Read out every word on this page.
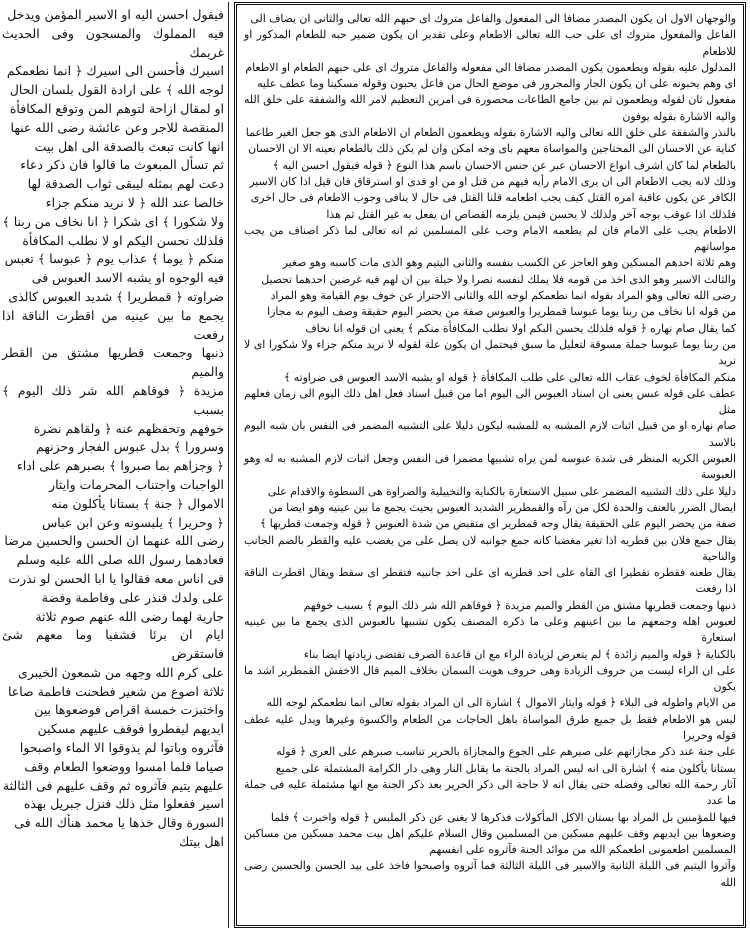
فيقول احسن اليه او الاسير المؤمن ويدخل

فيه المملوك والمسجون وفى الحديث غريمك

اسيرك فأحسن الى اسيرك ﴿ انما نطعمكم

لوجه الله ﴾ على ارادة القول بلسان الحال

او لمقال ازاحة لتوهم المن وتوقع المكافأة

المنقصة للاجر وعن عائشة رضى الله عنها

انها كانت تبعث بالصدقة الى اهل بيت

ثم تسأل المبعوث ما قالوا فان ذكر دعاء

دعت لهم بمثله ليبقى ثواب الصدقة لها

خالصا عند الله ﴿ لا نريد منكم جزاء

ولا شكورا ﴾ اى شكرا ﴿ انا نخاف من ربنا ﴾

فلذلك نحسن اليكم او لا نطلب المكافأة

منكم ﴿ يوما ﴾ عذاب يوم ﴿ عبوسا ﴾ تعبس

فيه الوجوه او يشبه الاسد العبوس فى

ضراوته ﴿ قمطريرا ﴾ شديد العبوس كالذى

يجمع ما بين عينيه من اقطرت الناقة اذا رفعت

ذنبها وجمعت قطريها مشتق من القطر والميم

مزيدة ﴿ فوقاهم الله شر ذلك اليوم ﴾ بسبب

خوفهم وتحفظهم عنه ﴿ ولقاهم نضرة

وسرورا ﴾ بدل عبوس الفجار وحزنهم

﴿ وجزاهم بما صبروا ﴾ بصبرهم على اداء

الواجبات واجتناب المحرمات وايثار

الاموال ﴿ جنة ﴾ بستانا يأكلون منه

﴿ وحريرا ﴾ يلبسونه وعن ابن عباس

رضى الله عنهما ان الحسن والحسين مرضا

فعادهما رسول الله صلى الله عليه وسلم

فى اناس معه فقالوا يا ابا الحسن لو نذرت

على ولدك فنذر على وفاطمة وفضة

جارية لهما رضى الله عنهم صوم ثلاثة

ايام ان برئا فشفيا وما معهم شئ فاستقرض

على كرم الله وجهه من شمعون الخيبرى

ثلاثة اصوع من شعير فطحنت فاطمة صاعا

واختبزت خمسة اقراص فوضعوها بين

ايديهم ليفطروا فوقف عليهم مسكين

فآثروه وباتوا لم يذوقوا الا الماء واصبحوا

صياما فلما امسوا ووضعوا الطعام وقف

عليهم يتيم فآثروه ثم وقف عليهم فى الثالثة

اسير ففعلوا مثل ذلك فنزل جبريل بهذه

السورة وقال خذها يا محمد هنأك الله فى

اهل بيتك

والوجهان الاول ان يكون المصدر مضافا الى المفعول والفاعل متروك اى حبهم الله تعالى والثانى ان يضاف الى

الفاعل والمفعول متروك اى على حب الله تعالى الاطعام وعلى تقدير ان يكون ضمير حبه للطعام المذكور او للاطعام

المدلول عليه بقوله ويطعمون يكون المصدر مضافا الى مفعوله والفاعل متروك اى على حبهم الطعام او الاطعام

اى وهم يحبونه على ان يكون الجار والمجرور فى موضع الحال من فاعل يحبون وقوله مسكينا وما عطف عليه

مفعول ثان لقوله ويطعمون ثم بين جامع الطاعات محصورة فى امرين التعظيم لامر الله والشفقة على خلق الله واليه الاشارة بقوله يوفون

بالنذر والشفقة على خلق الله تعالى واليه الاشارة بقوله ويطعمون الطعام ان الاطعام الذى هو جعل الغير طاعما

كناية عن الاحسان الى المحتاجين والمواساة معهم باى وجه امكن وان لم يكن ذلك بالطعام بعينه الا ان الاحسان

بالطعام لما كان اشرف انواع الاحسان عبر عن جنس الاحسان باسم هذا النوع ﴿ قوله فيقول احسن اليه ﴾

وذلك لانه يجب الاطعام الى ان يرى الامام رأيه فيهم من قتل او من او فدى او استرقاق فان قيل اذا كان الاسير

الكافر عن يكون عاقبة امره القتل كيف يجب اطعامه قلنا القتل فى حال لا ينافى وجوب الاطعام فى حال اخرى

فلذلك اذا عوقب بوجه آخر ولذلك لا يحسن فيمن يلزمه القصاص ان يفعل به غير القتل ثم هذا

الاطعام يجب على الامام فان لم يطعمه الامام وجب على المسلمين ثم انه تعالى لما ذكر اصناف من يجب مواساتهم

وهم ثلاثة احدهم المسكين وهو العاجز عن الكسب بنفسه والثانى اليتيم وهو الذى مات كاسبه وهو صغير

والثالث الاسير وهو الذى اخذ من قومه فلا يملك لنفسه نصرا ولا حيلة بين ان لهم فيه غرضين احدهما تحصيل

رضى الله تعالى وهو المراد بقوله انما نطعمكم لوجه الله والثانى الاحتراز عن خوف يوم القيامة وهو المراد

من قوله انا نخاف من ربنا يوما عبوسا قمطريرا والعبوس صفة من يحضر اليوم حقيقة وصف اليوم به مجازا

كما يقال صام نهاره ﴿ قوله فلذلك يحسن البكم اولا نطلب المكافأة منكم ﴾ يعنى ان قوله انا نخاف

من ربنا يوما عبوسا جملة مسوقة لتعليل ما سبق فيحتمل ان يكون علة لقوله لا نريد منكم جزاء ولا شكورا اى لا نريد

منكم المكافأة لخوف عقاب الله تعالى على طلب المكافأة ﴿ قوله او يشبه الاسد العبوس فى ضراوته ﴾

عطف على قوله عبس يعنى ان اسناد العبوس الى اليوم اما من قبيل اسناد فعل اهل ذلك اليوم الى زمان فعلهم مثل

صام نهاره او من قبيل اثبات لازم المشبه به للمشبه ليكون دليلا على التشبيه المضمر فى النفس بان شبه اليوم بالاسد

العبوس الكريه المنظر فى شدة عبوسه لمن يراه تشبيها مضمرا فى النفس وجعل اثبات لازم المشبه به له وهو العبوسة

دليلا على ذلك التشبيه المضمر على سبيل الاستعارة بالكناية والتخييلية والضراوة هى السطوة والاقدام على

ايصال الضرر بالعنف والحدة لكل من رآه والقمطرير الشديد العبوس بحيث يجمع ما بين عينيه وهو ايضا من

صفة من يحضر اليوم على الحقيقة يقال وجه قمطرير اى منقبض من شدة العبوس ﴿ قوله وجمعت قطريها ﴾

يقال جمع فلان بين قطريه اذا تغير مغضبا كانه جمع جوانبه لان يصل على من يغضب عليه والقطر بالضم الجانب والناحية

يقال طعنه فقطره تقطيرا اى القاه على احد قطريه اى على احد جانبيه فتقطر اى سقط ويقال اقطرت الناقة اذا رفعت

ذنبها وجمعت قطريها مشتق من القطر والميم مزيدة ﴿ فوقاهم الله شر ذلك اليوم ﴾ بسبب خوفهم

لعبوس اهله وجمعهم ما بين اعينهم وعلى ما ذكره المصنف يكون تشبيها بالعبوس الذى يجمع ما بين عينيه استعارة

بالكناية ﴿ قوله والميم زائدة ﴾ لم يتعرض لزيادة الراء مع ان قاعدة الصرف تقتضى زيادتها ايضا بناء

على ان الراء ليست من حروف الزيادة وهى حروف هويت السمان بخلاف الميم قال الاخفش القمطرير اشد ما يكون

من الايام واطوله فى البلاء ﴿ قوله وايثار الاموال ﴾ اشارة الى ان المراد بقوله تعالى انما نطعمكم لوجه الله

ليس هو الاطعام فقط بل جميع طرق المواساة باهل الحاجات من الطعام والكسوة وغيرها ويدل عليه عطف قوله وحريرا

على جنة عند ذكر مجازاتهم على صبرهم على الجوع والمجازاة بالحرير تناسب صبرهم على العرى ﴿ قوله

بستانا يأكلون منه ﴾ اشارة الى انه ليس المراد بالجنة ما يقابل النار وهى دار الكرامة المشتملة على جميع

آثار رحمة الله تعالى وفضله حتى يقال انه لا حاجة الى ذكر الحرير بعد ذكر الجنة مع انها مشتملة عليه فى جملة ما عدد

فيها للمؤمنين بل المراد بها بستان الاكل المأكولات فذكرها لا يغنى عن ذكر الملبس ﴿ قوله واخبرت ﴾ فلما

وضعوها بين ايديهم وقف عليهم مسكين من المسلمين وقال السلام عليكم اهل بيت محمد مسكين من مساكين المسلمين اطعمونى اطعمكم الله من موائد الجنة فآثروه على انفسهم

وآثروا اليتيم فى الليلة الثانية والاسير فى الليلة الثالثة فما آثروه واصبحوا فاخذ على بيد الحسن والحسين رضى الله
